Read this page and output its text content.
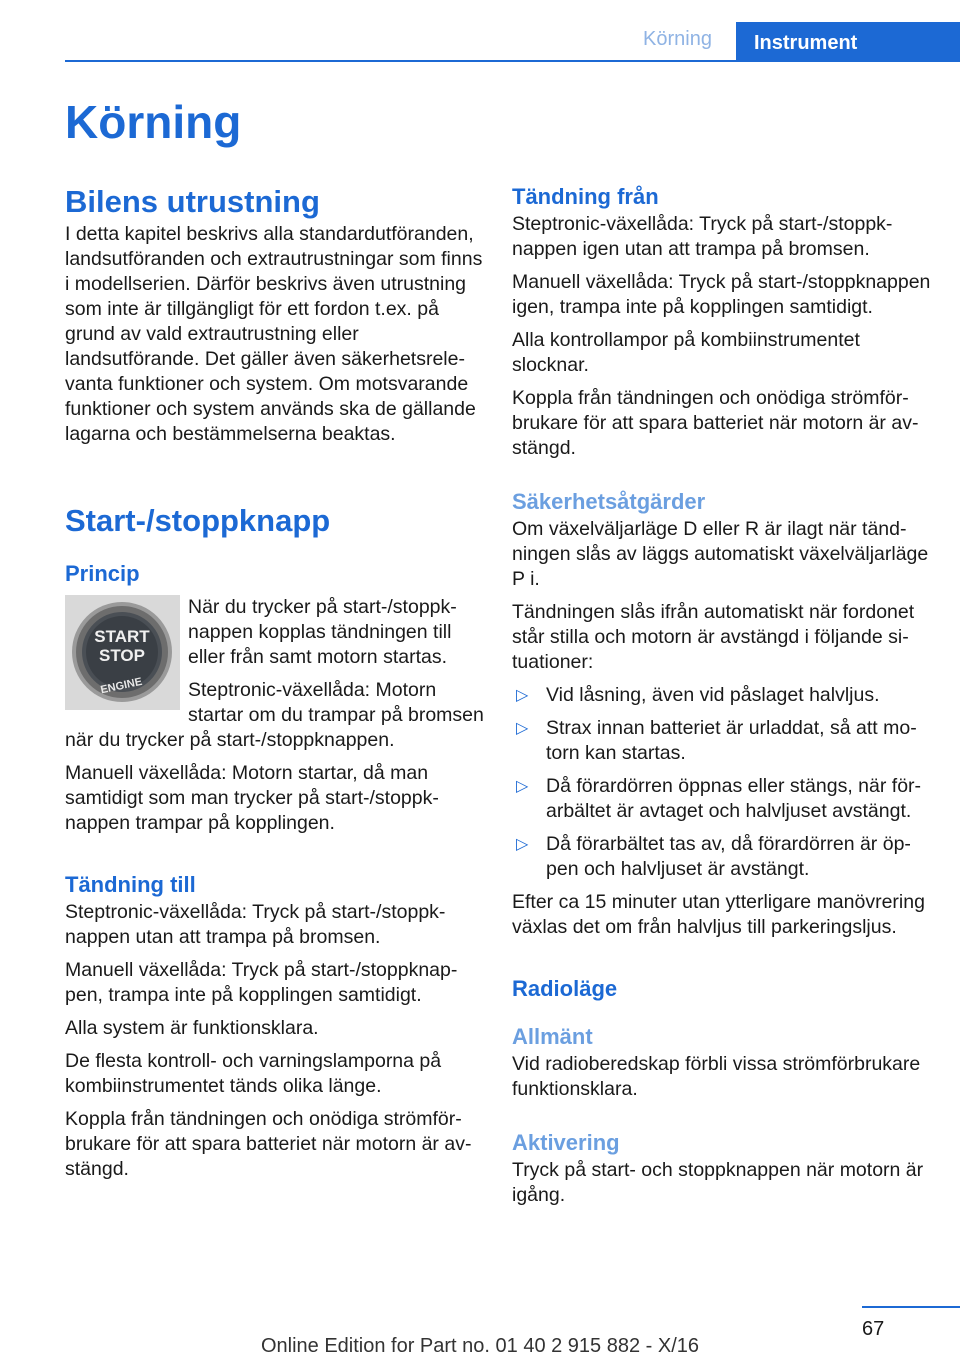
Körning	Instrument
Körning
Bilens utrustning

I detta kapitel beskrivs alla standardutföranden, landsutföranden och extrautrustningar som finns i modellserien. Därför beskrivs även utrustning som inte är tillgängligt för ett fordon t.ex. på grund av vald extrautrustning eller landsutförande. Det gäller även säkerhetsrelevanta funktioner och system. Om motsvarande funktioner och system används ska de gällande lagarna och bestämmelserna beaktas.

Start-/stoppknapp
Princip
START
STOP
ENGINE

När du trycker på start-/stoppknappen kopplas tändningen till eller från samt motorn startas.

Steptronic-växellåda: Motorn startar om du trampar på bromsen när du trycker på start-/stoppknappen.

Manuell växellåda: Motorn startar, då man samtidigt som man trycker på start-/stoppknappen trampar på kopplingen.

Tändning till

Steptronic-växellåda: Tryck på start-/stoppknappen utan att trampa på bromsen.

Manuell växellåda: Tryck på start-/stoppknappen, trampa inte på kopplingen samtidigt.

Alla system är funktionsklara.

De flesta kontroll- och varningslamporna på kombiinstrumentet tänds olika länge.

Koppla från tändningen och onödiga strömförbrukare för att spara batteriet när motorn är avstängd.

Tändning från

Steptronic-växellåda: Tryck på start-/stoppknappen igen utan att trampa på bromsen.

Manuell växellåda: Tryck på start-/stoppknappen igen, trampa inte på kopplingen samtidigt.

Alla kontrollampor på kombiinstrumentet slocknar.

Koppla från tändningen och onödiga strömförbrukare för att spara batteriet när motorn är avstängd.

Säkerhetsåtgärder

Om växelväljarläge D eller R är ilagt när tändningen slås av läggs automatiskt växelväljarläge P i.

Tändningen slås ifrån automatiskt när fordonet står stilla och motorn är avstängd i följande situationer:

▷ Vid låsning, även vid påslaget halvljus.
▷ Strax innan batteriet är urladdat, så att motorn kan startas.
▷ Då förardörren öppnas eller stängs, när förarbältet är avtaget och halvljuset avstängt.
▷ Då förarbältet tas av, då förardörren är öppen och halvljuset är avstängt.

Efter ca 15 minuter utan ytterligare manövrering växlas det om från halvljus till parkeringsljus.

Radioläge
Allmänt

Vid radioberedskap förbli vissa strömförbrukare funktionsklara.

Aktivering

Tryck på start- och stoppknappen när motorn är igång.

67
Online Edition for Part no. 01 40 2 915 882 - X/16
